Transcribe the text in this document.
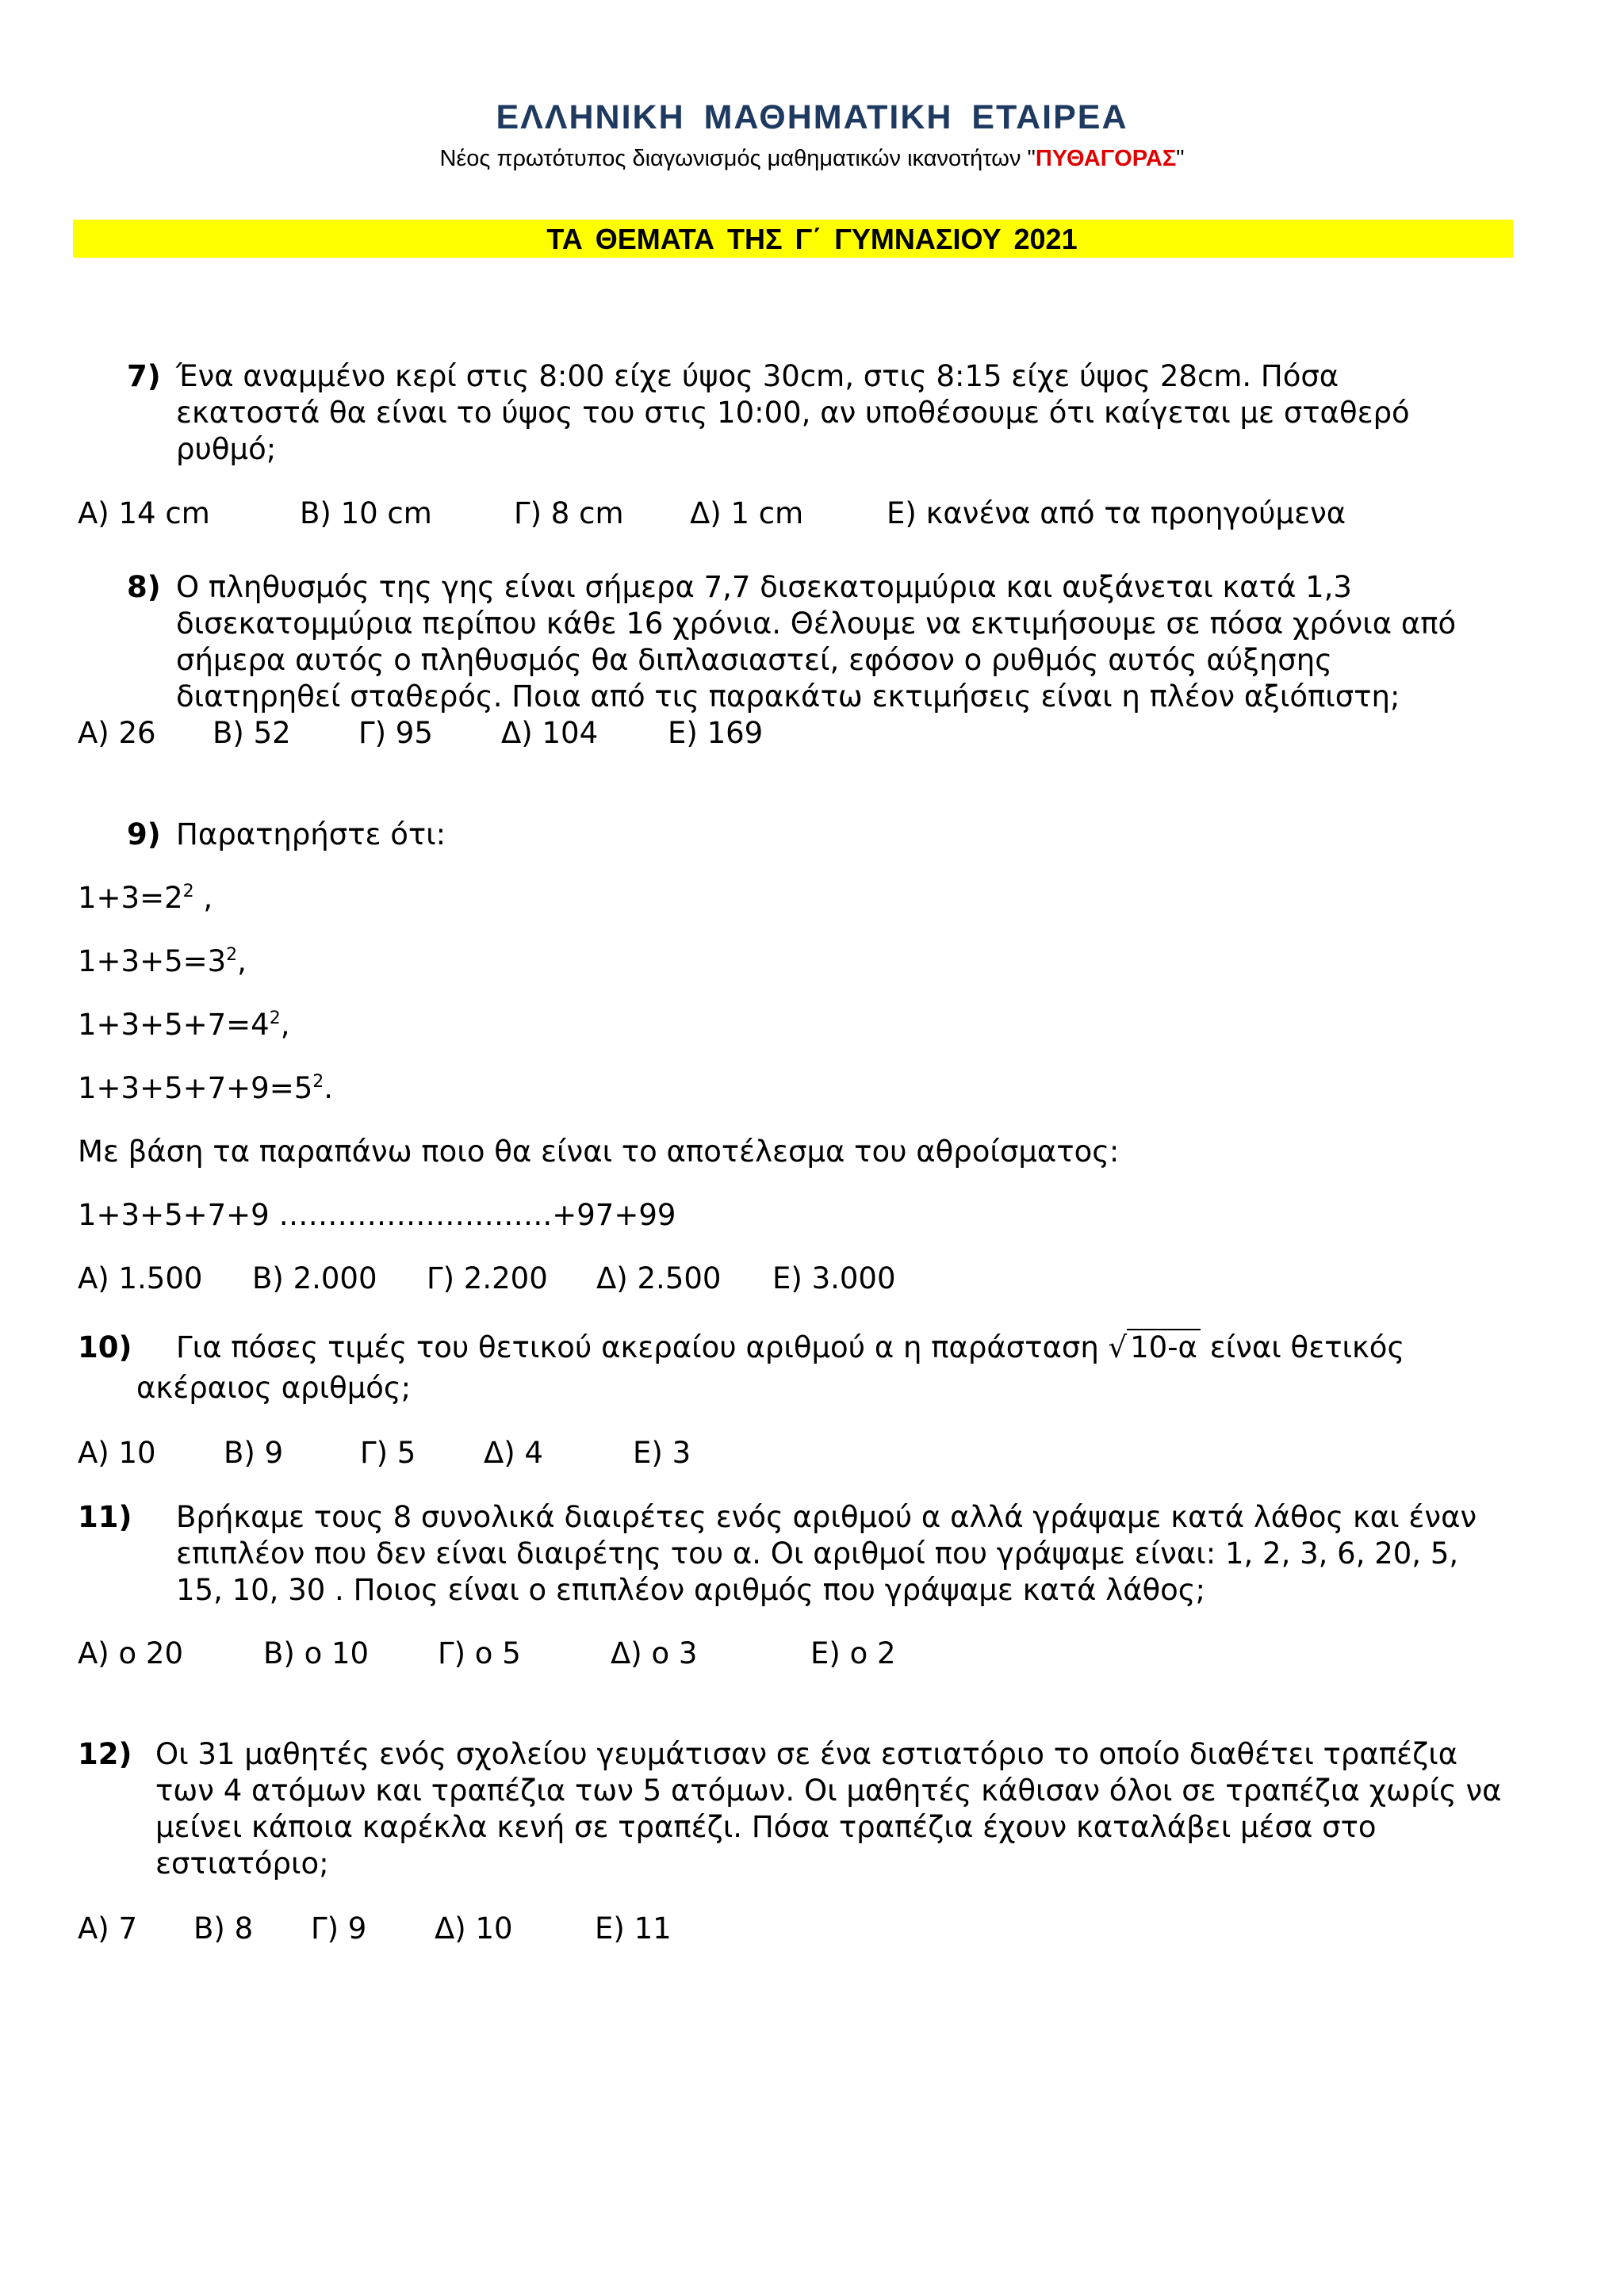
ΕΛΛΗΝΙΚΗ ΜΑΘΗΜΑΤΙΚΗ ΕΤΑΙΡΕΑ
Νέος πρωτότυπος διαγωνισμός μαθηματικών ικανοτήτων "ΠΥΘΑΓΟΡΑΣ"
ΤΑ ΘΕΜΑΤΑ ΤΗΣ Γ΄ ΓΥΜΝΑΣΙΟΥ 2021
7) Ένα αναμμένο κερί στις 8:00 είχε ύψος 30cm, στις 8:15 είχε ύψος 28cm. Πόσα
εκατοστά θα είναι το ύψος του στις 10:00, αν υποθέσουμε ότι καίγεται με σταθερό
ρυθμό;
Α) 14 cm	Β) 10 cm	Γ) 8 cm Δ) 1 cm	Ε) κανένα από τα προηγούμενα
8) Ο πληθυσμός της γης είναι σήμερα 7,7 δισεκατομμύρια και αυξάνεται κατά 1,3
δισεκατομμύρια περίπου κάθε 16 χρόνια. Θέλουμε να εκτιμήσουμε σε πόσα χρόνια από
σήμερα αυτός ο πληθυσμός θα διπλασιαστεί, εφόσον ο ρυθμός αυτός αύξησης
διατηρηθεί σταθερός. Ποια από τις παρακάτω εκτιμήσεις είναι η πλέον αξιόπιστη;
Α) 26 Β) 52 Γ) 95 Δ) 104 Ε) 169
9) Παρατηρήστε ότι:
$1+3=2^2$ ,
$1+3+5=3^2$,
$1+3+5+7=4^2$,
$1+3+5+7+9=5^2$.
Με βάση τα παραπάνω ποιο θα είναι το αποτέλεσμα του αθροίσματος:
1+3+5+7+9 ……………………….+97+99
Α) 1.500 Β) 2.000 Γ) 2.200 Δ) 2.500 Ε) 3.000
10) Για πόσες τιμές του θετικού ακεραίου αριθμού α η παράσταση √ 10-α είναι θετικός
ακέραιος αριθμός;
Α) 10 Β) 9	Γ) 5 Δ) 4	Ε) 3
11) Βρήκαμε τους 8 συνολικά διαιρέτες ενός αριθμού α αλλά γράψαμε κατά λάθος και έναν
επιπλέον που δεν είναι διαιρέτης του α. Οι αριθμοί που γράψαμε είναι: 1, 2, 3, 6, 20, 5,
15, 10, 30 . Ποιος είναι ο επιπλέον αριθμός που γράψαμε κατά λάθος;
Α) ο 20	Β) ο 10 Γ) ο 5	Δ) ο 3	Ε) ο 2
12) Οι 31 μαθητές ενός σχολείου γευμάτισαν σε ένα εστιατόριο το οποίο διαθέτει τραπέζια
των 4 ατόμων και τραπέζια των 5 ατόμων. Οι μαθητές κάθισαν όλοι σε τραπέζια χωρίς να
μείνει κάποια καρέκλα κενή σε τραπέζι. Πόσα τραπέζια έχουν καταλάβει μέσα στο
εστιατόριο;
Α) 7 Β) 8 Γ) 9 Δ) 10	Ε) 11
